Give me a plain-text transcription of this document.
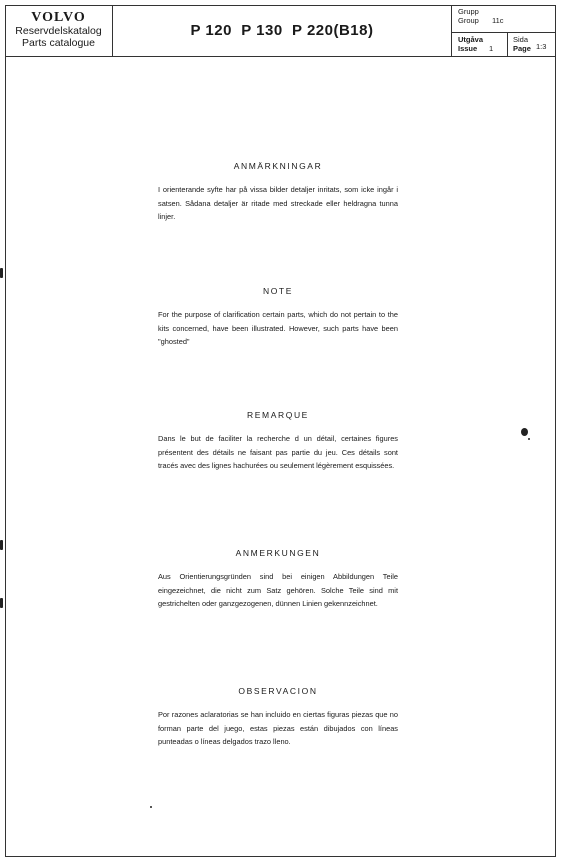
VOLVO
Reservdelskatalog
Parts catalogue
P 120  P 130  P 220(B18)
Grupp
Group 11c
Utgåva
Issue 1
Sida
Page 1:3
ANMÄRKNINGAR

I orienterande syfte har på vissa bilder detaljer inritats, som icke ingår i satsen. Sådana detaljer är ritade med streckade eller heldragna tunna linjer.

NOTE

For the purpose of clarification certain parts, which do not pertain to the kits concerned, have been illustrated. However, such parts have been "ghosted"

REMARQUE

Dans le but de faciliter la recherche d un détail, certaines figures présentent des détails ne faisant pas partie du jeu. Ces détails sont tracés avec des lignes hachurées ou seulement légèrement esquissées.

ANMERKUNGEN

Aus Orientierungsgründen sind bei einigen Abbildungen Teile eingezeichnet, die nicht zum Satz gehören. Solche Teile sind mit gestrichelten oder ganzgezogenen, dünnen Linien gekennzeichnet.

OBSERVACION

Por razones aclaratorias se han incluido en ciertas figuras piezas que no forman parte del juego, estas piezas están dibujados con líneas punteadas o líneas delgados trazo lleno.
